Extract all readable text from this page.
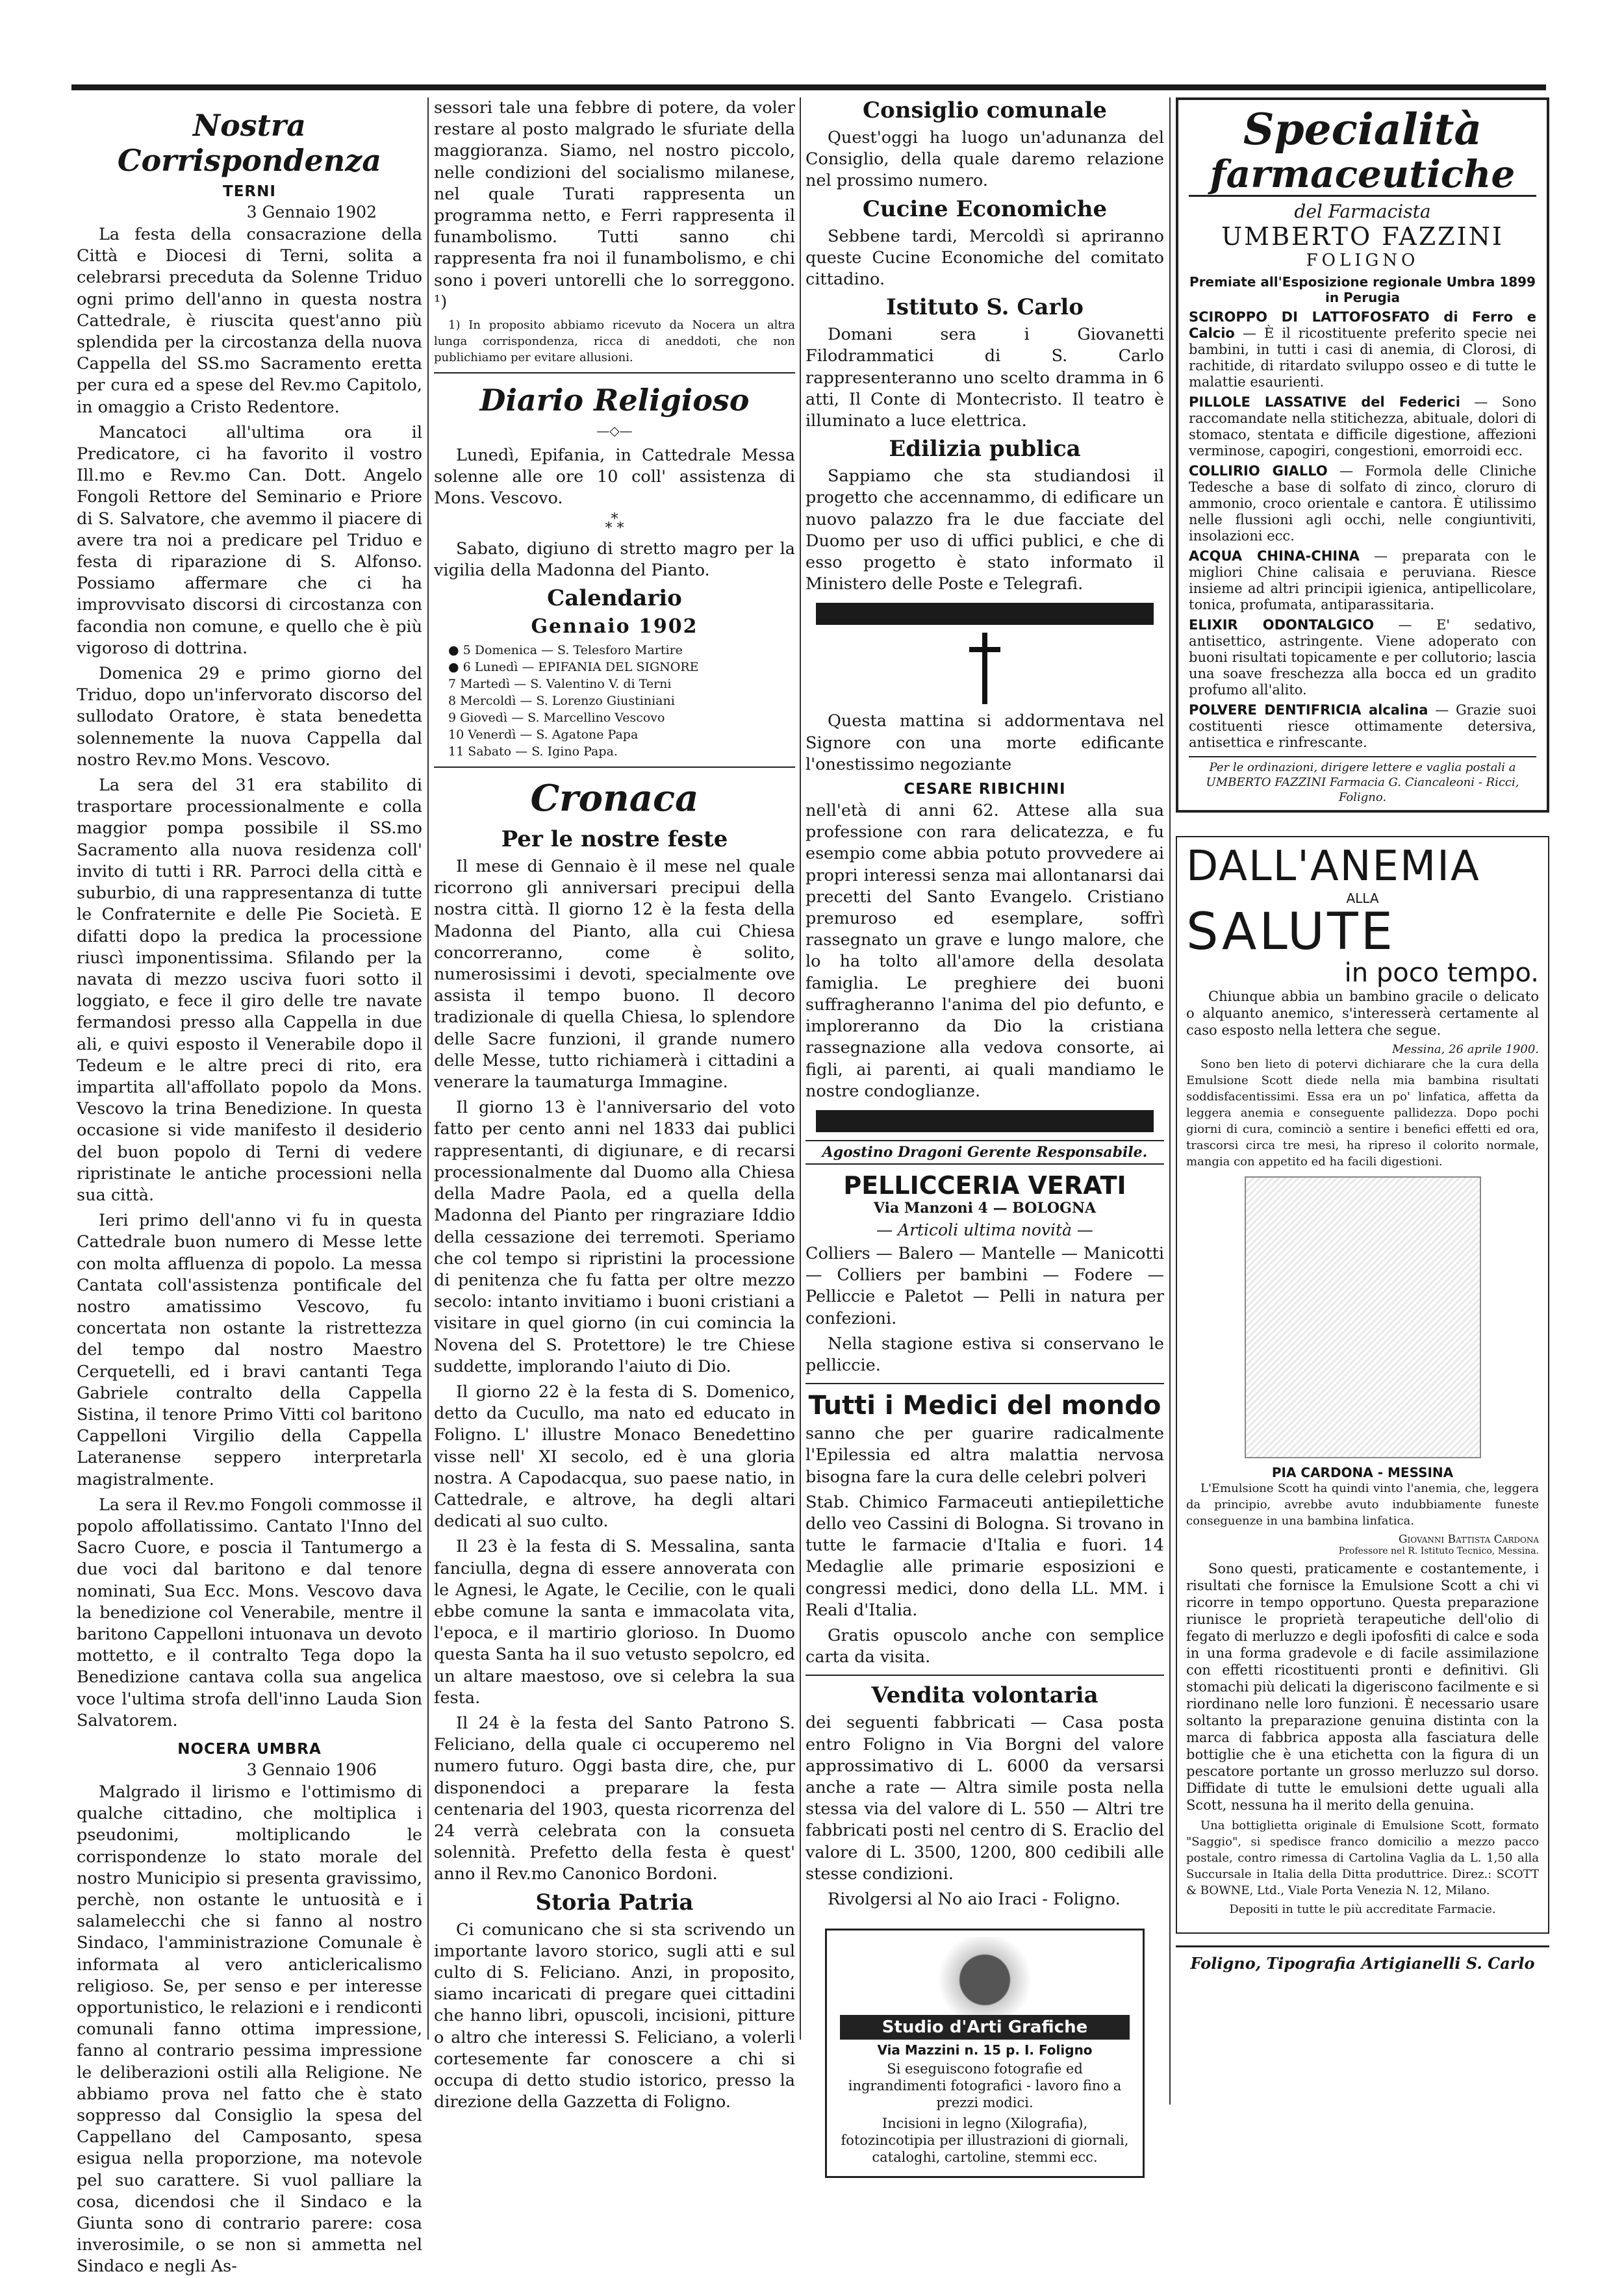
Nostra Corrispondenza
TERNI
3 Gennaio 1902

La festa della consacrazione della Città e Diocesi di Terni, solita a celebrarsi preceduta da Solenne Triduo ogni primo dell'anno in questa nostra Cattedrale, è riuscita quest'anno più splendida per la circostanza della nuova Cappella del SS.mo Sacramento eretta per cura ed a spese del Rev.mo Capitolo, in omaggio a Cristo Redentore.

Mancatoci all'ultima ora il Predicatore, ci ha favorito il vostro Ill.mo e Rev.mo Can. Dott. Angelo Fongoli Rettore del Seminario e Priore di S. Salvatore, che avemmo il piacere di avere tra noi a predicare pel Triduo e festa di riparazione di S. Alfonso. Possiamo affermare che ci ha improvvisato discorsi di circostanza con facondia non comune, e quello che è più vigoroso di dottrina.

Domenica 29 e primo giorno del Triduo, dopo un'infervorato discorso del sullodato Oratore, è stata benedetta solennemente la nuova Cappella dal nostro Rev.mo Mons. Vescovo.

La sera del 31 era stabilito di trasportare processionalmente e colla maggior pompa possibile il SS.mo Sacramento alla nuova residenza coll' invito di tutti i RR. Parroci della città e suburbio, di una rappresentanza di tutte le Confraternite e delle Pie Società. E difatti dopo la predica la processione riuscì imponentissima. Sfilando per la navata di mezzo usciva fuori sotto il loggiato, e fece il giro delle tre navate fermandosi presso alla Cappella in due ali, e quivi esposto il Venerabile dopo il Tedeum e le altre preci di rito, era impartita all'affollato popolo da Mons. Vescovo la trina Benedizione. In questa occasione si vide manifesto il desiderio del buon popolo di Terni di vedere ripristinate le antiche processioni nella sua città.

Ieri primo dell'anno vi fu in questa Cattedrale buon numero di Messe lette con molta affluenza di popolo. La messa Cantata coll'assistenza pontificale del nostro amatissimo Vescovo, fu concertata non ostante la ristrettezza del tempo dal nostro Maestro Cerquetelli, ed i bravi cantanti Tega Gabriele contralto della Cappella Sistina, il tenore Primo Vitti col baritono Cappelloni Virgilio della Cappella Lateranense seppero interpretarla magistralmente.

La sera il Rev.mo Fongoli commosse il popolo affollatissimo. Cantato l'Inno del Sacro Cuore, e poscia il Tantumergo a due voci dal baritono e dal tenore nominati, Sua Ecc. Mons. Vescovo dava la benedizione col Venerabile, mentre il baritono Cappelloni intuonava un devoto mottetto, e il contralto Tega dopo la Benedizione cantava colla sua angelica voce l'ultima strofa dell'inno Lauda Sion Salvatorem.

NOCERA UMBRA
3 Gennaio 1906

Malgrado il lirismo e l'ottimismo di qualche cittadino, che moltiplica i pseudonimi, moltiplicando le corrispondenze lo stato morale del nostro Municipio si presenta gravissimo, perchè, non ostante le untuosità e i salamelecchi che si fanno al nostro Sindaco, l'amministrazione Comunale è informata al vero anticlericalismo religioso. Se, per senso e per interesse opportunistico, le relazioni e i rendiconti comunali fanno ottima impressione, fanno al contrario pessima impressione le deliberazioni ostili alla Religione. Ne abbiamo prova nel fatto che è stato soppresso dal Consiglio la spesa del Cappellano del Camposanto, spesa esigua nella proporzione, ma notevole pel suo carattere. Si vuol palliare la cosa, dicendosi che il Sindaco e la Giunta sono di contrario parere: cosa inverosimile, o se non si ammetta nel Sindaco e negli As-

sessori tale una febbre di potere, da voler restare al posto malgrado le sfuriate della maggioranza. Siamo, nel nostro piccolo, nelle condizioni del socialismo milanese, nel quale Turati rappresenta un programma netto, e Ferri rappresenta il funambolismo. Tutti sanno chi rappresenta fra noi il funambolismo, e chi sono i poveri untorelli che lo sorreggono. ¹)

1) In proposito abbiamo ricevuto da Nocera un altra lunga corrispondenza, ricca di aneddoti, che non publichiamo per evitare allusioni.

Diario Religioso
—◇—

Lunedì, Epifania, in Cattedrale Messa solenne alle ore 10 coll' assistenza di Mons. Vescovo.

*
* *

Sabato, digiuno di stretto magro per la vigilia della Madonna del Pianto.

Calendario
Gennaio 1902
● 5 Domenica — S. Telesforo Martire
● 6 Lunedì — EPIFANIA DEL SIGNORE
7 Martedì — S. Valentino V. di Terni
8 Mercoldì — S. Lorenzo Giustiniani
9 Giovedì — S. Marcellino Vescovo
10 Venerdì — S. Agatone Papa
11 Sabato — S. Igino Papa.
Cronaca
Per le nostre feste

Il mese di Gennaio è il mese nel quale ricorrono gli anniversari precipui della nostra città. Il giorno 12 è la festa della Madonna del Pianto, alla cui Chiesa concorreranno, come è solito, numerosissimi i devoti, specialmente ove assista il tempo buono. Il decoro tradizionale di quella Chiesa, lo splendore delle Sacre funzioni, il grande numero delle Messe, tutto richiamerà i cittadini a venerare la taumaturga Immagine.

Il giorno 13 è l'anniversario del voto fatto per cento anni nel 1833 dai publici rappresentanti, di digiunare, e di recarsi processionalmente dal Duomo alla Chiesa della Madre Paola, ed a quella della Madonna del Pianto per ringraziare Iddio della cessazione dei terremoti. Speriamo che col tempo si ripristini la processione di penitenza che fu fatta per oltre mezzo secolo: intanto invitiamo i buoni cristiani a visitare in quel giorno (in cui comincia la Novena del S. Protettore) le tre Chiese suddette, implorando l'aiuto di Dio.

Il giorno 22 è la festa di S. Domenico, detto da Cucullo, ma nato ed educato in Foligno. L' illustre Monaco Benedettino visse nell' XI secolo, ed è una gloria nostra. A Capodacqua, suo paese natio, in Cattedrale, e altrove, ha degli altari dedicati al suo culto.

Il 23 è la festa di S. Messalina, santa fanciulla, degna di essere annoverata con le Agnesi, le Agate, le Cecilie, con le quali ebbe comune la santa e immacolata vita, l'epoca, e il martirio glorioso. In Duomo questa Santa ha il suo vetusto sepolcro, ed un altare maestoso, ove si celebra la sua festa.

Il 24 è la festa del Santo Patrono S. Feliciano, della quale ci occuperemo nel numero futuro. Oggi basta dire, che, pur disponendoci a preparare la festa centenaria del 1903, questa ricorrenza del 24 verrà celebrata con la consueta solennità. Prefetto della festa è quest' anno il Rev.mo Canonico Bordoni.

Storia Patria

Ci comunicano che si sta scrivendo un importante lavoro storico, sugli atti e sul culto di S. Feliciano. Anzi, in proposito, siamo incaricati di pregare quei cittadini che hanno libri, opuscoli, incisioni, pitture o altro che interessi S. Feliciano, a volerli cortesemente far conoscere a chi si occupa di detto studio istorico, presso la direzione della Gazzetta di Foligno.

Consiglio comunale

Quest'oggi ha luogo un'adunanza del Consiglio, della quale daremo relazione nel prossimo numero.

Cucine Economiche

Sebbene tardi, Mercoldì si apriranno queste Cucine Economiche del comitato cittadino.

Istituto S. Carlo

Domani sera i Giovanetti Filodrammatici di S. Carlo rappresenteranno uno scelto dramma in 6 atti, Il Conte di Montecristo. Il teatro è illuminato a luce elettrica.

Edilizia publica

Sappiamo che sta studiandosi il progetto che accennammo, di edificare un nuovo palazzo fra le due facciate del Duomo per uso di uffici publici, e che di esso progetto è stato informato il Ministero delle Poste e Telegrafi.

Questa mattina si addormentava nel Signore con una morte edificante l'onestissimo negoziante

CESARE RIBICHINI

nell'età di anni 62. Attese alla sua professione con rara delicatezza, e fu esempio come abbia potuto provvedere ai propri interessi senza mai allontanarsi dai precetti del Santo Evangelo. Cristiano premuroso ed esemplare, soffrì rassegnato un grave e lungo malore, che lo ha tolto all'amore della desolata famiglia. Le preghiere dei buoni suffragheranno l'anima del pio defunto, e imploreranno da Dio la cristiana rassegnazione alla vedova consorte, ai figli, ai parenti, ai quali mandiamo le nostre condoglianze.

Agostino Dragoni Gerente Responsabile.
PELLICCERIA VERATI
Via Manzoni 4 — BOLOGNA
— Articoli ultima novità —

Colliers — Balero — Mantelle — Manicotti — Colliers per bambini — Fodere — Pelliccie e Paletot — Pelli in natura per confezioni.

Nella stagione estiva si conservano le pelliccie.

Tutti i Medici del mondo

sanno che per guarire radicalmente l'Epilessia ed altra malattia nervosa bisogna fare la cura delle celebri polveri

Stab. Chimico Farmaceuti antiepilettiche dello veo Cassini di Bologna. Si trovano in tutte le farmacie d'Italia e fuori. 14 Medaglie alle primarie esposizioni e congressi medici, dono della LL. MM. i Reali d'Italia.

Gratis opuscolo anche con semplice carta da visita.

Vendita volontaria

dei seguenti fabbricati — Casa posta entro Foligno in Via Borgni del valore approssimativo di L. 6000 da versarsi anche a rate — Altra simile posta nella stessa via del valore di L. 550 — Altri tre fabbricati posti nel centro di S. Eraclio del valore di L. 3500, 1200, 800 cedibili alle stesse condizioni.

Rivolgersi al No aio Iraci - Foligno.

Studio d'Arti Grafiche
Via Mazzini n. 15 p. I. Foligno

Si eseguiscono fotografie ed ingrandimenti fotografici - lavoro fino a prezzi modici.

Incisioni in legno (Xilografia), fotozincotipia per illustrazioni di giornali, cataloghi, cartoline, stemmi ecc.

Specialità
farmaceutiche
del Farmacista
UMBERTO FAZZINI
FOLIGNO
Premiate all'Esposizione regionale Umbra 1899 in Perugia

SCIROPPO DI LATTOFOSFATO di Ferro e Calcio — È il ricostituente preferito specie nei bambini, in tutti i casi di anemia, di Clorosi, di rachitide, di ritardato sviluppo osseo e di tutte le malattie esaurienti.

PILLOLE LASSATIVE del Federici — Sono raccomandate nella stitichezza, abituale, dolori di stomaco, stentata e difficile digestione, affezioni verminose, capogiri, congestioni, emorroidi ecc.

COLLIRIO GIALLO — Formola delle Cliniche Tedesche a base di solfato di zinco, cloruro di ammonio, croco orientale e cantora. È utilissimo nelle flussioni agli occhi, nelle congiuntiviti, insolazioni ecc.

ACQUA CHINA-CHINA — preparata con le migliori Chine calisaia e peruviana. Riesce insieme ad altri principii igienica, antipellicolare, tonica, profumata, antiparassitaria.

ELIXIR ODONTALGICO — E' sedativo, antisettico, astringente. Viene adoperato con buoni risultati topicamente e per collutorio; lascia una soave freschezza alla bocca ed un gradito profumo all'alito.

POLVERE DENTIFRICIA alcalina — Grazie suoi costituenti riesce ottimamente detersiva, antisettica e rinfrescante.

Per le ordinazioni, dirigere lettere e vaglia postali a UMBERTO FAZZINI Farmacia G. Ciancaleoni - Ricci, Foligno.
DALL'ANEMIA
ALLA
SALUTE
in poco tempo.

Chiunque abbia un bambino gracile o delicato o alquanto anemico, s'interesserà certamente al caso esposto nella lettera che segue.

Messina, 26 aprile 1900.

Sono ben lieto di potervi dichiarare che la cura della Emulsione Scott diede nella mia bambina risultati soddisfacentissimi. Essa era un po' linfatica, affetta da leggera anemia e conseguente pallidezza. Dopo pochi giorni di cura, cominciò a sentire i benefici effetti ed ora, trascorsi circa tre mesi, ha ripreso il colorito normale, mangia con appetito ed ha facili digestioni.

PIA CARDONA - MESSINA

L'Emulsione Scott ha quindi vinto l'anemia, che, leggera da principio, avrebbe avuto indubbiamente funeste conseguenze in una bambina linfatica.

Giovanni Battista Cardona
Professore nel R. Istituto Tecnico, Messina.

Sono questi, praticamente e costantemente, i risultati che fornisce la Emulsione Scott a chi vi ricorre in tempo opportuno. Questa preparazione riunisce le proprietà terapeutiche dell'olio di fegato di merluzzo e degli ipofosfiti di calce e soda in una forma gradevole e di facile assimilazione con effetti ricostituenti pronti e definitivi. Gli stomachi più delicati la digeriscono facilmente e si riordinano nelle loro funzioni. È necessario usare soltanto la preparazione genuina distinta con la marca di fabbrica apposta alla fasciatura delle bottiglie che è una etichetta con la figura di un pescatore portante un grosso merluzzo sul dorso. Diffidate di tutte le emulsioni dette uguali alla Scott, nessuna ha il merito della genuina.

Una bottiglietta originale di Emulsione Scott, formato "Saggio", si spedisce franco domicilio a mezzo pacco postale, contro rimessa di Cartolina Vaglia da L. 1,50 alla Succursale in Italia della Ditta produttrice. Direz.: SCOTT & BOWNE, Ltd., Viale Porta Venezia N. 12, Milano.

Depositi in tutte le più accreditate Farmacie.
Foligno, Tipografia Artigianelli S. Carlo
